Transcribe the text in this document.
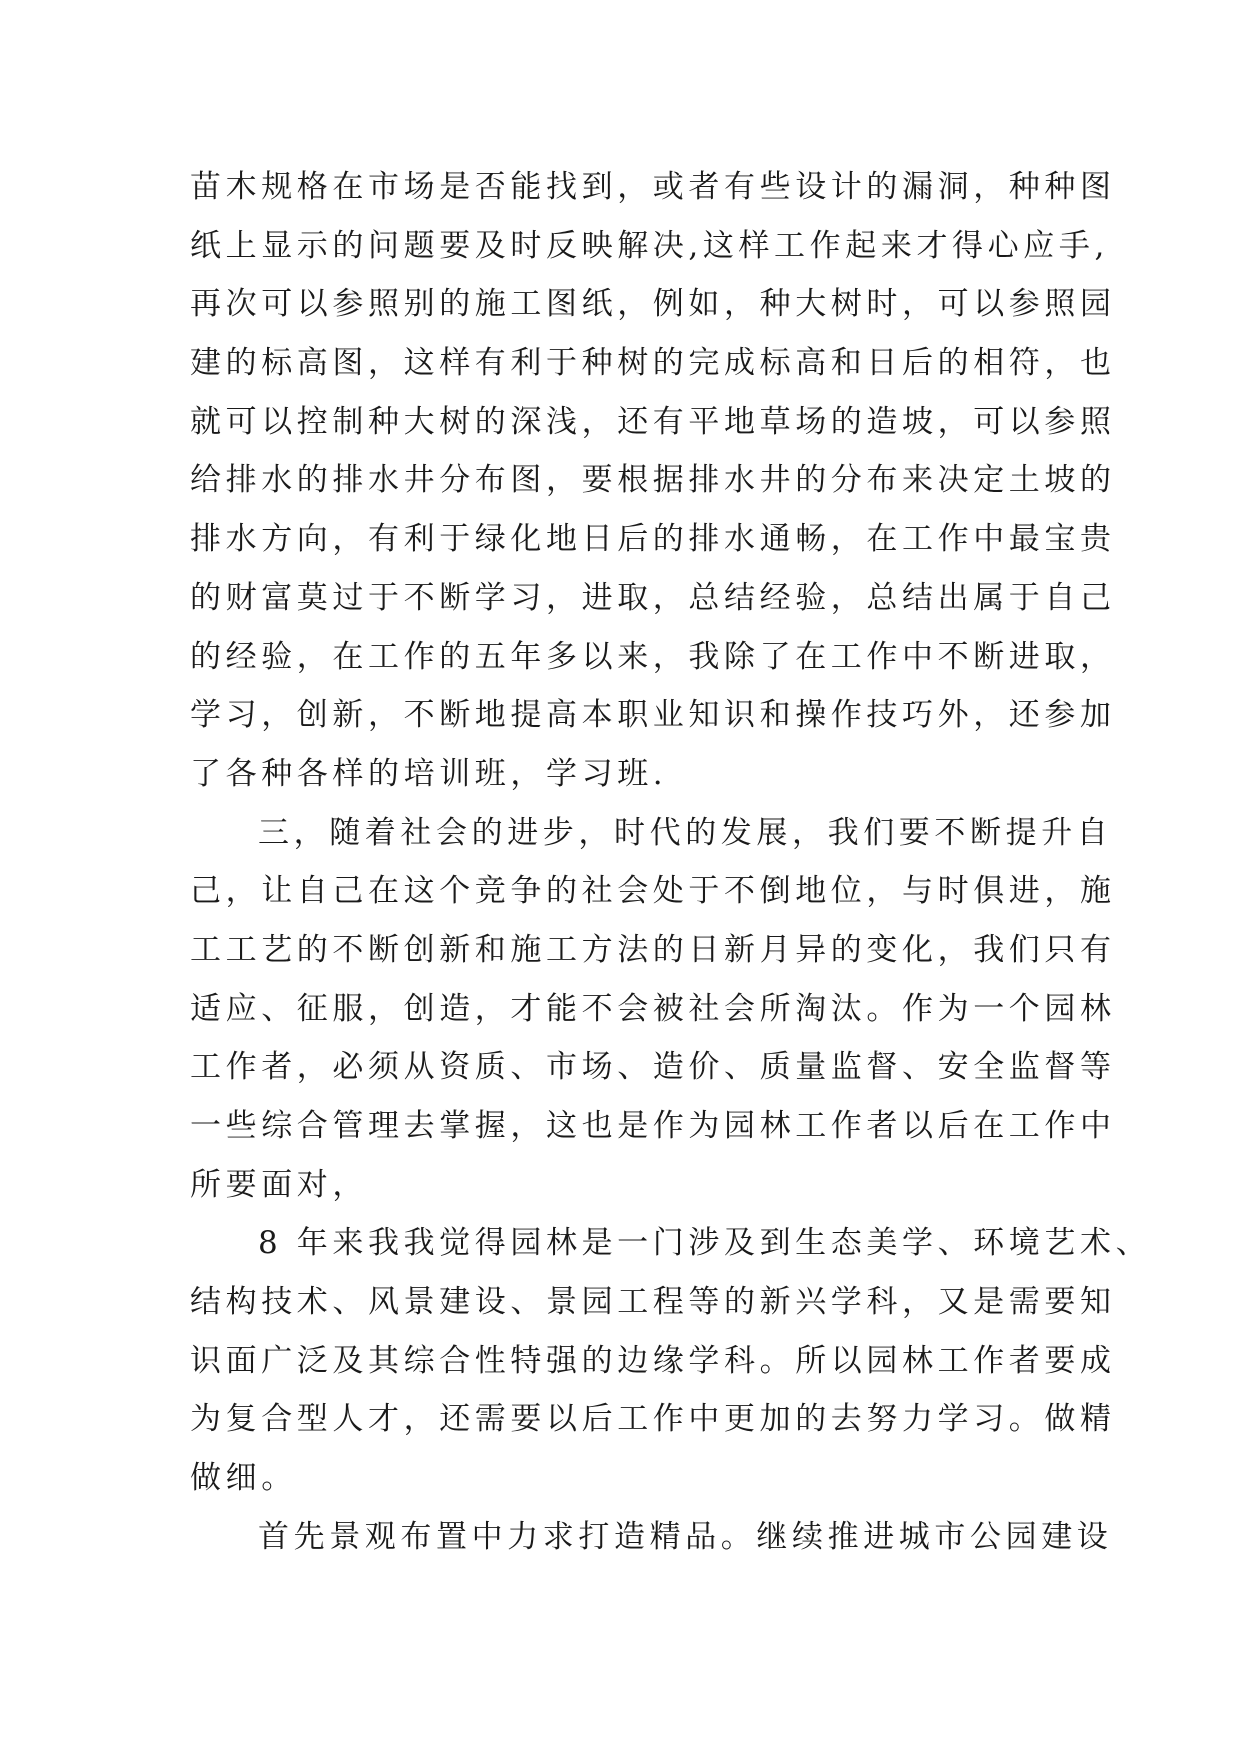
苗木规格在市场是否能找到，或者有些设计的漏洞，种种图
纸上显示的问题要及时反映解决,这样工作起来才得心应手,
再次可以参照别的施工图纸，例如，种大树时，可以参照园
建的标高图，这样有利于种树的完成标高和日后的相符，也
就可以控制种大树的深浅，还有平地草场的造坡，可以参照
给排水的排水井分布图，要根据排水井的分布来决定土坡的
排水方向，有利于绿化地日后的排水通畅，在工作中最宝贵
的财富莫过于不断学习，进取，总结经验，总结出属于自己
的经验，在工作的五年多以来，我除了在工作中不断进取，
学习，创新，不断地提高本职业知识和操作技巧外，还参加
了各种各样的培训班，学习班.
三，随着社会的进步，时代的发展，我们要不断提升自
己，让自己在这个竞争的社会处于不倒地位，与时俱进，施
工工艺的不断创新和施工方法的日新月异的变化，我们只有
适应、征服，创造，才能不会被社会所淘汰。作为一个园林
工作者，必须从资质、市场、造价、质量监督、安全监督等
一些综合管理去掌握，这也是作为园林工作者以后在工作中
所要面对，
8 年来我我觉得园林是一门涉及到生态美学、环境艺术、
结构技术、风景建设、景园工程等的新兴学科，又是需要知
识面广泛及其综合性特强的边缘学科。所以园林工作者要成
为复合型人才，还需要以后工作中更加的去努力学习。做精
做细。
首先景观布置中力求打造精品。继续推进城市公园建设
